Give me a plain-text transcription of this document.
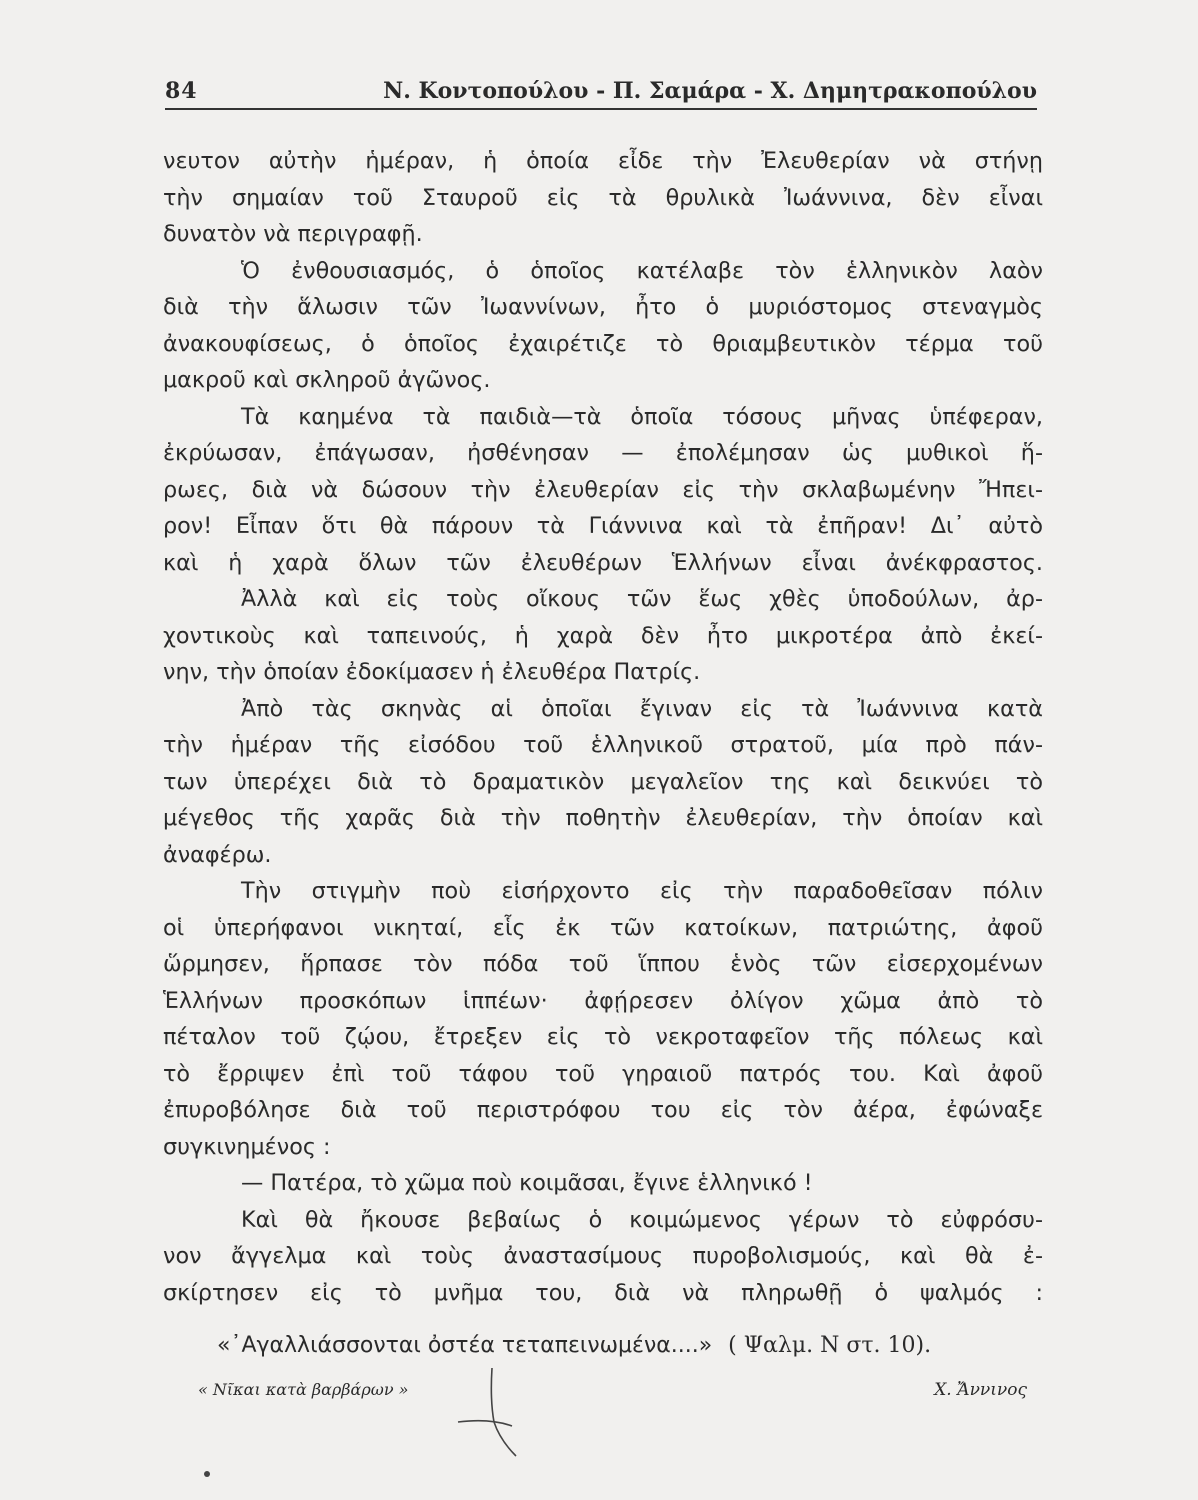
84	Ν. Κοντοπούλου - Π. Σαμάρα - Χ. Δημητρακοπούλου
νευτον αὐτὴν ἡμέραν, ἡ ὁποία εἶδε τὴν Ἐλευθερίαν νὰ στήνῃ
τὴν σημαίαν τοῦ Σταυροῦ εἰς τὰ θρυλικὰ Ἰωάννινα, δὲν εἶναι
δυνατὸν νὰ περιγραφῇ.
Ὁ ἐνθουσιασμός, ὁ ὁποῖος κατέλαβε τὸν ἑλληνικὸν λαὸν
διὰ τὴν ἅλωσιν τῶν Ἰωαννίνων, ἦτο ὁ μυριόστομος στεναγμὸς
ἀνακουφίσεως, ὁ ὁποῖος ἐχαιρέτιζε τὸ θριαμβευτικὸν τέρμα τοῦ
μακροῦ καὶ σκληροῦ ἀγῶνος.
Τὰ καημένα τὰ παιδιὰ—τὰ ὁποῖα τόσους μῆνας ὑπέφεραν,
ἐκρύωσαν, ἐπάγωσαν, ἠσθένησαν — ἐπολέμησαν ὡς μυθικοὶ ἥ-
ρωες, διὰ νὰ δώσουν τὴν ἐλευθερίαν εἰς τὴν σκλαβωμένην Ἤπει-
ρον! Εἶπαν ὅτι θὰ πάρουν τὰ Γιάννινα καὶ τὰ ἐπῆραν! Δι᾽ αὐτὸ
καὶ ἡ χαρὰ ὅλων τῶν ἐλευθέρων Ἑλλήνων εἶναι ἀνέκφραστος.
Ἀλλὰ καὶ εἰς τοὺς οἴκους τῶν ἕως χθὲς ὑποδούλων, ἀρ-
χοντικοὺς καὶ ταπεινούς, ἡ χαρὰ δὲν ἦτο μικροτέρα ἀπὸ ἐκεί-
νην, τὴν ὁποίαν ἐδοκίμασεν ἡ ἐλευθέρα Πατρίς.
Ἀπὸ τὰς σκηνὰς αἱ ὁποῖαι ἔγιναν εἰς τὰ Ἰωάννινα κατὰ
τὴν ἡμέραν τῆς εἰσόδου τοῦ ἑλληνικοῦ στρατοῦ, μία πρὸ πάν-
των ὑπερέχει διὰ τὸ δραματικὸν μεγαλεῖον της καὶ δεικνύει τὸ
μέγεθος τῆς χαρᾶς διὰ τὴν ποθητὴν ἐλευθερίαν, τὴν ὁποίαν καὶ
ἀναφέρω.
Τὴν στιγμὴν ποὺ εἰσήρχοντο εἰς τὴν παραδοθεῖσαν πόλιν
οἱ ὑπερήφανοι νικηταί, εἷς ἐκ τῶν κατοίκων, πατριώτης, ἀφοῦ
ὥρμησεν, ἥρπασε τὸν πόδα τοῦ ἵππου ἑνὸς τῶν εἰσερχομένων
Ἑλλήνων προσκόπων ἱππέων· ἀφῄρεσεν ὀλίγον χῶμα ἀπὸ τὸ
πέταλον τοῦ ζῴου, ἔτρεξεν εἰς τὸ νεκροταφεῖον τῆς πόλεως καὶ
τὸ ἔρριψεν ἐπὶ τοῦ τάφου τοῦ γηραιοῦ πατρός του. Καὶ ἀφοῦ
ἐπυροβόλησε διὰ τοῦ περιστρόφου του εἰς τὸν ἀέρα, ἐφώναξε
συγκινημένος :
— Πατέρα, τὸ χῶμα ποὺ κοιμᾶσαι, ἔγινε ἑλληνικό !
Καὶ θὰ ἤκουσε βεβαίως ὁ κοιμώμενος γέρων τὸ εὐφρόσυ-
νον ἄγγελμα καὶ τοὺς ἀναστασίμους πυροβολισμούς, καὶ θὰ ἐ-
σκίρτησεν εἰς τὸ μνῆμα του, διὰ νὰ πληρωθῇ ὁ ψαλμός :
«᾽Αγαλλιάσσονται ὀστέα τεταπεινωμένα....» ( Ψαλμ. Ν στ. 10).
« Νῖκαι κατὰ βαρβάρων »	Χ. Ἄννινος
